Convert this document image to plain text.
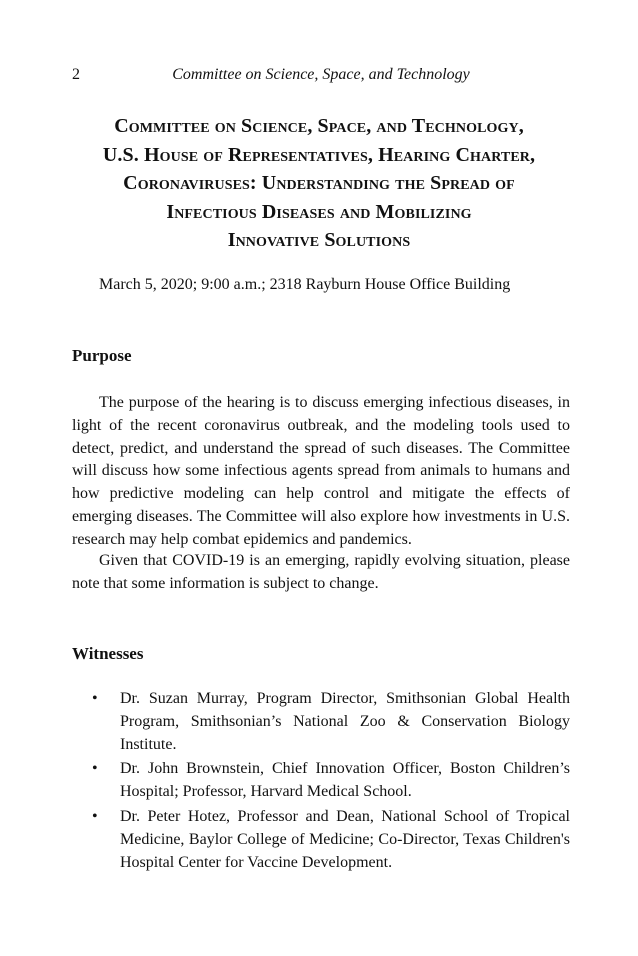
2	Committee on Science, Space, and Technology
Committee on Science, Space, and Technology,
U.S. House of Representatives, Hearing Charter,
Coronaviruses: Understanding the Spread of
Infectious Diseases and Mobilizing
Innovative Solutions
March 5, 2020; 9:00 a.m.; 2318 Rayburn House Office Building
Purpose

The purpose of the hearing is to discuss emerging infectious diseases, in light of the recent coronavirus outbreak, and the modeling tools used to detect, predict, and understand the spread of such diseases. The Committee will discuss how some infectious agents spread from animals to humans and how predictive modeling can help control and mitigate the effects of emerging diseases. The Committee will also explore how investments in U.S. research may help combat epidemics and pandemics.

Given that COVID-19 is an emerging, rapidly evolving situation, please note that some information is subject to change.

Witnesses
• Dr. Suzan Murray, Program Director, Smithsonian Global Health Program, Smithsonian’s National Zoo & Conservation Biology Institute.
• Dr. John Brownstein, Chief Innovation Officer, Boston Children’s Hospital; Professor, Harvard Medical School.
• Dr. Peter Hotez, Professor and Dean, National School of Tropical Medicine, Baylor College of Medicine; Co-Director, Texas Children's Hospital Center for Vaccine Development.
